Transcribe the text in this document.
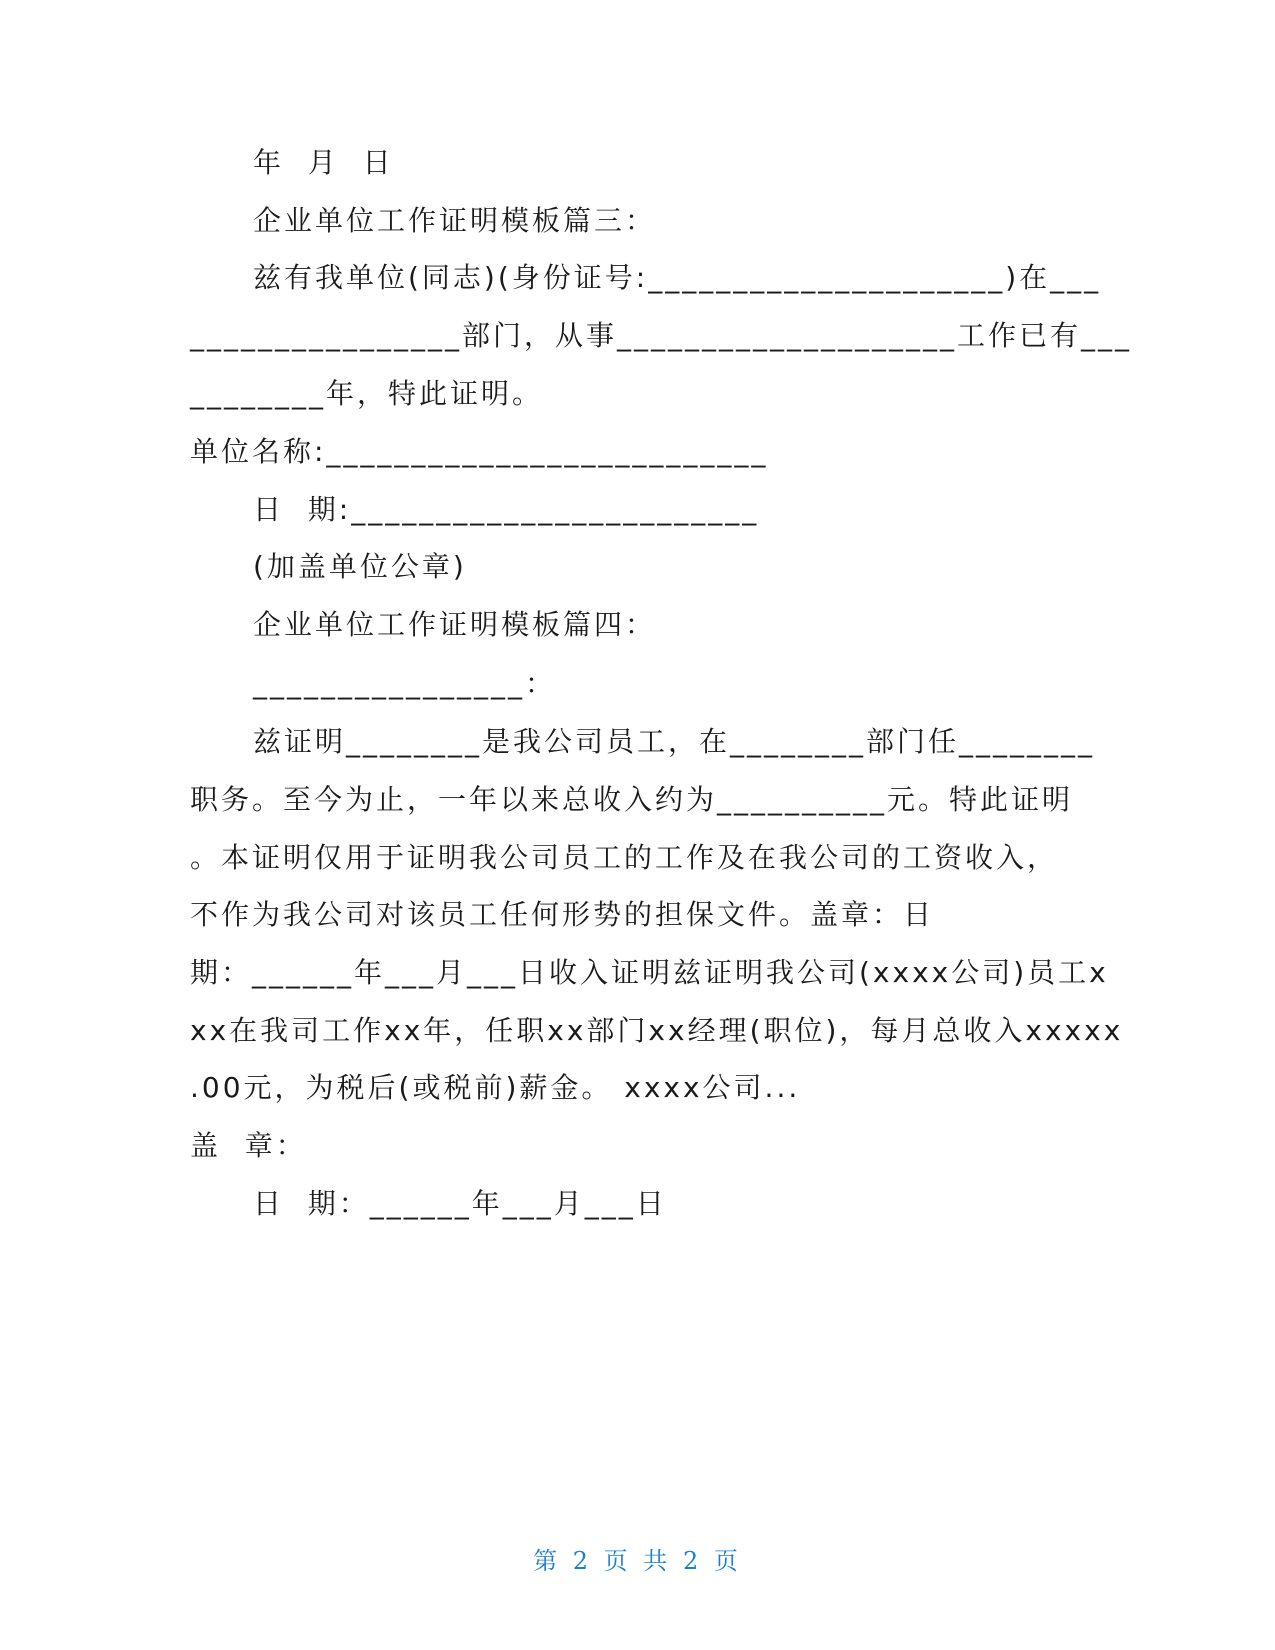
年  月  日
企业单位工作证明模板篇三：
兹有我单位(同志)(身份证号:_____________________)在___
________________部门，从事____________________工作已有___
________年，特此证明。
单位名称:__________________________
日  期:________________________
(加盖单位公章)
企业单位工作证明模板篇四：
________________：
兹证明________是我公司员工，在________部门任________
职务。至今为止，一年以来总收入约为__________元。特此证明
。本证明仅用于证明我公司员工的工作及在我公司的工资收入，
不作为我公司对该员工任何形势的担保文件。盖章：日
期：______年___月___日收入证明兹证明我公司(xxxx公司)员工x
xx在我司工作xx年，任职xx部门xx经理(职位)，每月总收入xxxxx
.00元，为税后(或税前)薪金。 xxxx公司...
盖  章：
日  期：______年___月___日
第 2 页 共 2 页
